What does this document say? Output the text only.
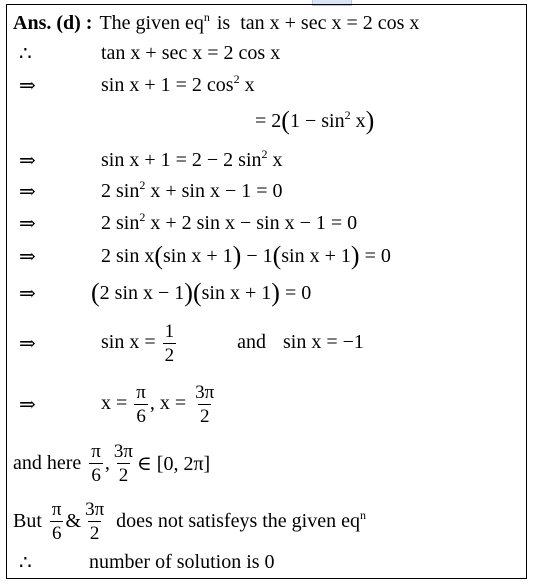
Ans. (d) : The given $eq^n$ is tan x + sec x = 2 cos x
∴	tan x + sec x = 2 cos x
⇒	sin x + 1 = 2 $\cos^2 x$
= $2(1 - \sin^2 x)$
⇒	sin x + 1 = 2 − 2 $\sin^2 x$
⇒	2 $\sin^2 x + \sin x - 1 = 0$
⇒	2 $\sin^2 x + 2$ sin x − sin x − 1 = 0
⇒	2 sin x(sin x + 1) − 1(sin x + 1) = 0
⇒ (2 sin x − 1)(sin x + 1) = 0
⇒	$\sin x = \frac{1}{2}$	and sin x = −1
⇒	$x = \frac{\pi}{6}$ , $x = \frac{3\pi}{2}$
and here $\frac{\pi}{6}$ , $\frac{3\pi}{2}$ ∈ [0, 2π]
But $\frac{\pi}{6}$ & $\frac{3\pi}{2}$ does not satisfeys the given $eq^n$
∴	number of solution is 0
